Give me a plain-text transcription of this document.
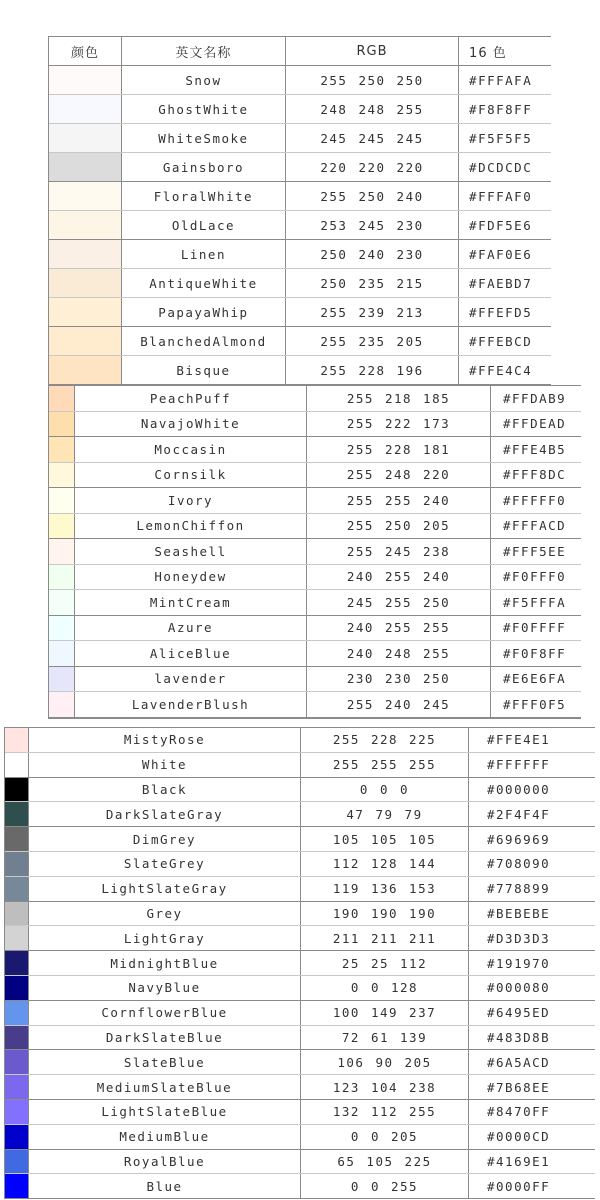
颜色	英文名称	RGB	16 色
Snow	255 250 250	#FFFAFA
GhostWhite	248 248 255	#F8F8FF
WhiteSmoke	245 245 245	#F5F5F5
Gainsboro	220 220 220	#DCDCDC
FloralWhite	255 250 240	#FFFAF0
OldLace	253 245 230	#FDF5E6
Linen	250 240 230	#FAF0E6
AntiqueWhite	250 235 215	#FAEBD7
PapayaWhip	255 239 213	#FFEFD5
BlanchedAlmond	255 235 205	#FFEBCD
Bisque	255 228 196	#FFE4C4
PeachPuff	255 218 185	#FFDAB9
NavajoWhite	255 222 173	#FFDEAD
Moccasin	255 228 181	#FFE4B5
Cornsilk	255 248 220	#FFF8DC
Ivory	255 255 240	#FFFFF0
LemonChiffon	255 250 205	#FFFACD
Seashell	255 245 238	#FFF5EE
Honeydew	240 255 240	#F0FFF0
MintCream	245 255 250	#F5FFFA
Azure	240 255 255	#F0FFFF
AliceBlue	240 248 255	#F0F8FF
lavender	230 230 250	#E6E6FA
LavenderBlush	255 240 245	#FFF0F5
MistyRose	255 228 225	#FFE4E1
White	255 255 255	#FFFFFF
Black	0 0 0	#000000
DarkSlateGray	47 79 79	#2F4F4F
DimGrey	105 105 105	#696969
SlateGrey	112 128 144	#708090
LightSlateGray	119 136 153	#778899
Grey	190 190 190	#BEBEBE
LightGray	211 211 211	#D3D3D3
MidnightBlue	25 25 112	#191970
NavyBlue	0 0 128	#000080
CornflowerBlue	100 149 237	#6495ED
DarkSlateBlue	72 61 139	#483D8B
SlateBlue	106 90 205	#6A5ACD
MediumSlateBlue	123 104 238	#7B68EE
LightSlateBlue	132 112 255	#8470FF
MediumBlue	0 0 205	#0000CD
RoyalBlue	65 105 225	#4169E1
Blue	0 0 255	#0000FF
